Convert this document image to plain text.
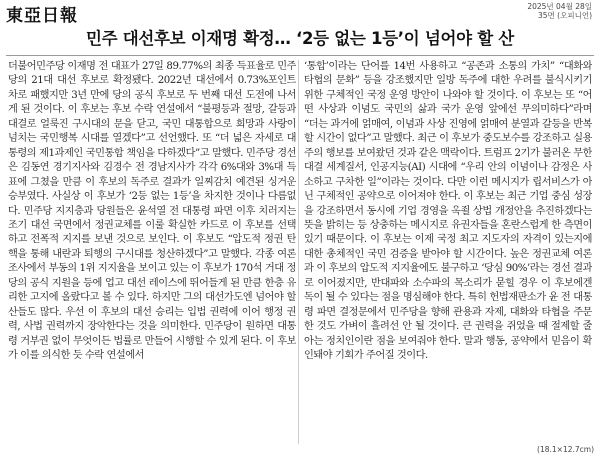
東亞日報	2025년 04월 28일
35면 (오피니언)
민주 대선후보 이재명 확정… ‘2등 없는 1등’이 넘어야 할 산

더불어민주당 이재명 전 대표가 27일 89.77%의 최종 득표율로 민주당의 21대 대선 후보로 확정됐다. 2022년 대선에서 0.73%포인트 차로 패했지만 3년 만에 당의 공식 후보로 두 번째 대선 도전에 나서게 된 것이다. 이 후보는 후보 수락 연설에서 “불평등과 절망, 갈등과 대결로 얼룩진 구시대의 문을 닫고, 국민 대통합으로 희망과 사랑이 넘치는 국민행복 시대를 열겠다”고 선언했다. 또 “더 넓은 자세로 대통령의 제1과제인 국민통합 책임을 다하겠다”고 말했다. 민주당 경선은 김동연 경기지사와 김경수 전 경남지사가 각각 6%대와 3%대 득표에 그쳤을 만큼 이 후보의 독주로 결과가 일찌감치 예견된 싱거운 승부였다. 사실상 이 후보가 ‘2등 없는 1등’을 차지한 것이나 다름없다. 민주당 지지층과 당원들은 윤석열 전 대통령 파면 이후 치러지는 조기 대선 국면에서 정권교체를 이룰 확실한 카드로 이 후보를 선택하고 전폭적 지지를 보낸 것으로 보인다. 이 후보도 “압도적 정권 탄핵을 통해 내란과 퇴행의 구시대를 청산하겠다”고 말했다. 각종 여론조사에서 부동의 1위 지지율을 보이고 있는 이 후보가 170석 거대 정당의 공식 지원을 등에 업고 대선 레이스에 뛰어들게 된 만큼 한층 유리한 고지에 올랐다고 볼 수 있다. 하지만 그의 대선가도엔 넘어야 할 산들도 많다. 우선 이 후보의 대선 승리는 입법 권력에 이어 행정 권력, 사법 권력까지 장악한다는 것을 의미한다. 민주당이 원하면 대통령 거부권 없이 무엇이든 법률로 만들어 시행할 수 있게 된다. 이 후보가 이를 의식한 듯 수락 연설에서

‘통합’이라는 단어를 14번 사용하고 “공존과 소통의 가치” “대화와 타협의 문화” 등을 강조했지만 일방 독주에 대한 우려를 불식시키기 위한 구체적인 국정 운영 방안이 나와야 할 것이다. 이 후보는 또 “어떤 사상과 이념도 국민의 삶과 국가 운영 앞에선 무의미하다”라며 “더는 과거에 얽매여, 이념과 사상 진영에 얽매여 분열과 갈등을 반복할 시간이 없다”고 말했다. 최근 이 후보가 중도보수를 강조하고 실용주의 행보를 보여왔던 것과 같은 맥락이다. 트럼프 2기가 불러온 무한대결 세계질서, 인공지능(AI) 시대에 “우리 안의 이념이나 감정은 사소하고 구차한 일”이라는 것이다. 다만 이런 메시지가 립서비스가 아닌 구체적인 공약으로 이어져야 한다. 이 후보는 최근 기업 중심 성장을 강조하면서 동시에 기업 경영을 옥죌 상법 개정안을 추진하겠다는 뜻을 밝히는 등 상충하는 메시지로 유권자들을 혼란스럽게 한 측면이 있기 때문이다. 이 후보는 이제 국정 최고 지도자의 자격이 있는지에 대한 총체적인 국민 검증을 받아야 할 시간이다. 높은 정권교체 여론과 이 후보의 압도적 지지율에도 불구하고 ‘당심 90%’라는 경선 결과로 이어졌지만, 반대파와 소수파의 목소리가 묻힐 경우 이 후보에겐 독이 될 수 있다는 점을 명심해야 한다. 특히 헌법재판소가 윤 전 대통령 파면 결정문에서 민주당을 향해 관용과 자제, 대화와 타협을 주문한 것도 가벼이 흘려선 안 될 것이다. 큰 권력을 쥐었을 때 절제할 줄 아는 정치인이란 점을 보여줘야 한다. 말과 행동, 공약에서 믿음이 확인돼야 기회가 주어질 것이다.

(18.1×12.7cm)
